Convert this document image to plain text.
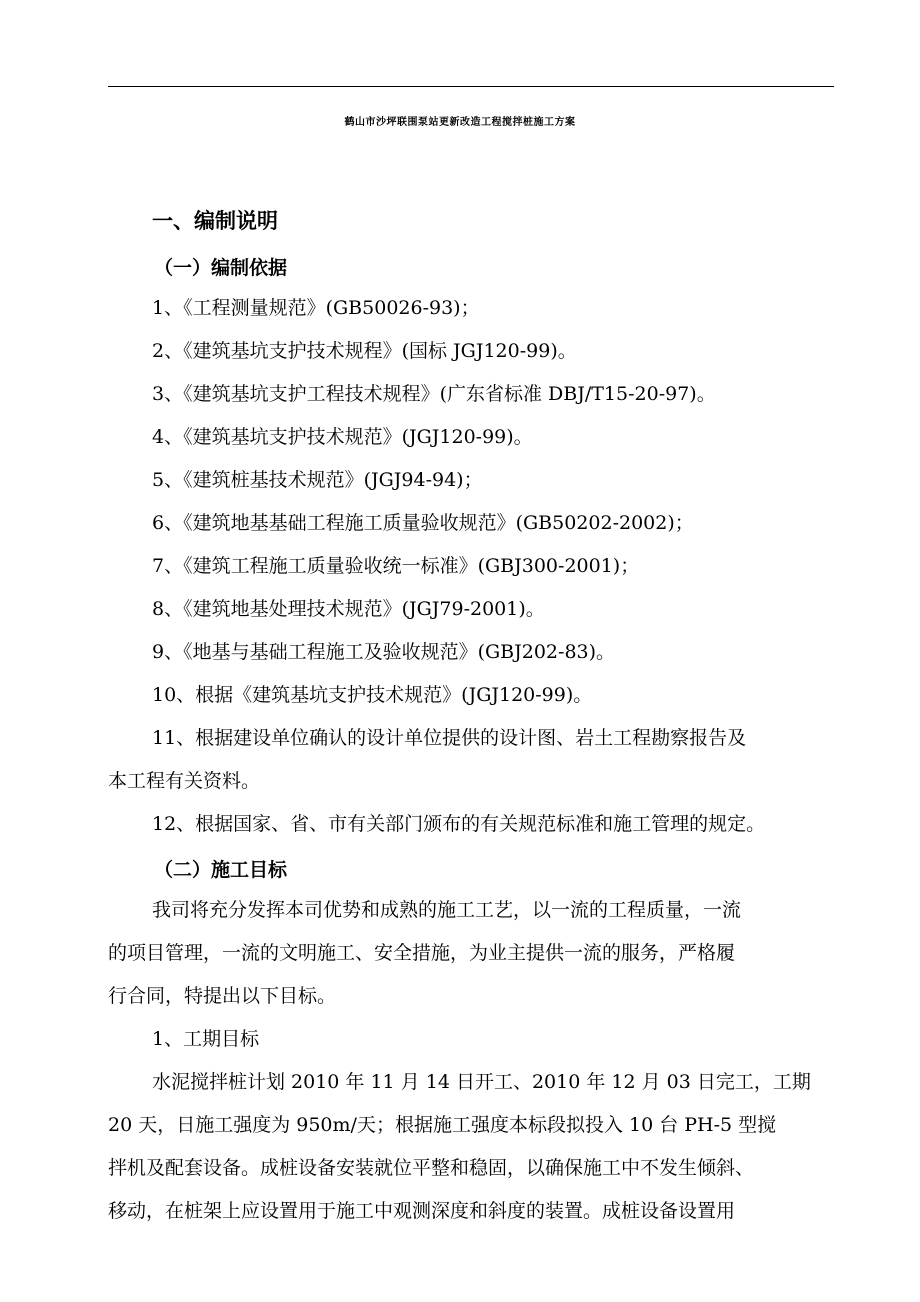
鹤山市沙坪联围泵站更新改造工程搅拌桩施工方案
一、编制说明
（一）编制依据
1、《工程测量规范》(GB50026-93)；
2、《建筑基坑支护技术规程》(国标 JGJ120-99)。
3、《建筑基坑支护工程技术规程》(广东省标准 DBJ/T15-20-97)。
4、《建筑基坑支护技术规范》(JGJ120-99)。
5、《建筑桩基技术规范》(JGJ94-94)；
6、《建筑地基基础工程施工质量验收规范》(GB50202-2002)；
7、《建筑工程施工质量验收统一标准》(GBJ300-2001)；
8、《建筑地基处理技术规范》(JGJ79-2001)。
9、《地基与基础工程施工及验收规范》(GBJ202-83)。
10、根据《建筑基坑支护技术规范》(JGJ120-99)。
11、根据建设单位确认的设计单位提供的设计图、岩土工程勘察报告及
本工程有关资料。
12、根据国家、省、市有关部门颁布的有关规范标准和施工管理的规定。
（二）施工目标
我司将充分发挥本司优势和成熟的施工工艺，以一流的工程质量，一流
的项目管理，一流的文明施工、安全措施，为业主提供一流的服务，严格履
行合同，特提出以下目标。
1、工期目标
水泥搅拌桩计划 2010 年 11 月 14 日开工、2010 年 12 月 03 日完工，工期
20 天，日施工强度为 950m/天；根据施工强度本标段拟投入 10 台 PH-5 型搅
拌机及配套设备。成桩设备安装就位平整和稳固，以确保施工中不发生倾斜、
移动，在桩架上应设置用于施工中观测深度和斜度的装置。成桩设备设置用
